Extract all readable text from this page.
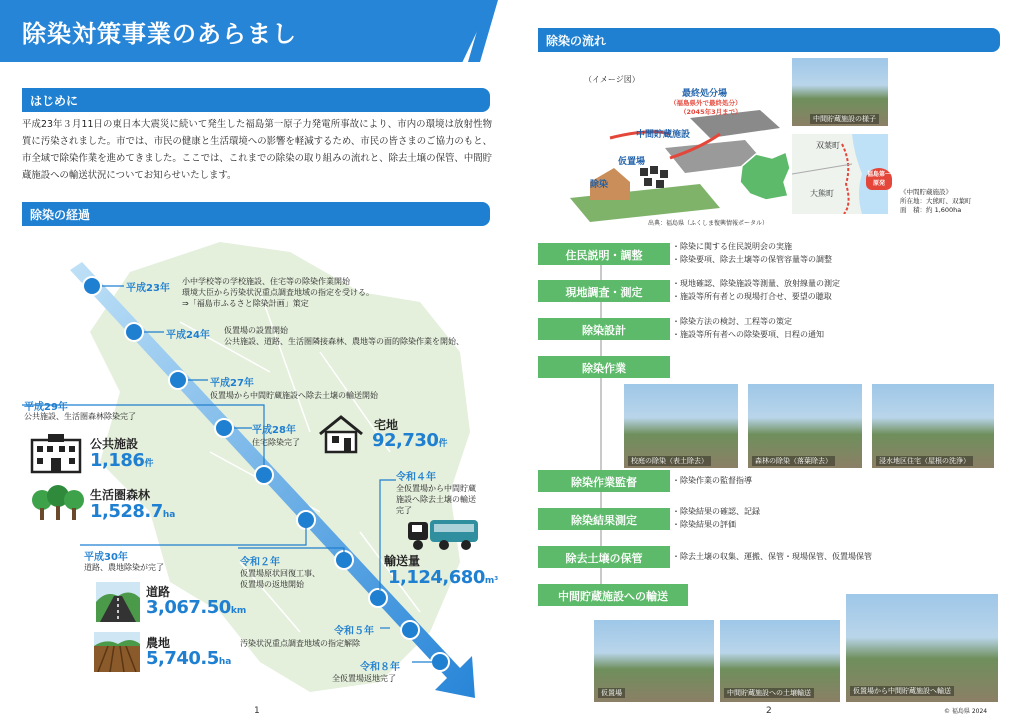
除染対策事業のあらまし
はじめに
平成23年３月11日の東日本大震災に続いて発生した福島第一原子力発電所事故により、市内の環境は放射性物質に汚染されました。市では、市民の健康と生活環境への影響を軽減するため、市民の皆さまのご協力のもと、市全域で除染作業を進めてきました。ここでは、これまでの除染の取り組みの流れと、除去土壌の保管、中間貯蔵施設への輸送状況についてお知らせいたします。
除染の経過
平成23年
小中学校等の学校施設、住宅等の除染作業開始
環境大臣から汚染状況重点調査地域の指定を受ける。
⇒「福島市ふるさと除染計画」策定
平成24年 仮置場の設置開始
公共施設、道路、生活圏隣接森林、農地等の面的除染作業を開始、
平成27年
仮置場から中間貯蔵施設へ除去土壌の輸送開始
平成28年
住宅除染完了
平成29年
公共施設、生活圏森林除染完了
平成30年
道路、農地除染が完了	令和２年
仮置場原状回復工事、
仮置場の返地開始
令和４年
全仮置場から中間貯蔵
施設へ除去土壌の輸送
完了
令和５年
汚染状況重点調査地域の指定解除
令和８年
全仮置場返地完了
宅地
92,730件
公共施設
1,186件
生活圏森林
1,528.7ha
道路
3,067.50km
農地
5,740.5ha
輸送量
1,124,680m³
1
除染の流れ
（イメージ図）
最終処分場
（福島県外で最終処分）
（2045年3月まで）
中間貯蔵施設
仮置場
除染
出典：福島県（ふくしま復興情報ポータル）
中間貯蔵施設の様子
双葉町
大熊町
福島第一原発
《中間貯蔵施設》
所在地：大熊町、双葉町
面　積：約 1,600ha
住民説明・調整
・除染に関する住民説明会の実施
・除染要項、除去土壌等の保管容量等の調整
現地調査・測定
・現地確認、除染施設等測量、放射線量の測定
・施設等所有者との現場打合せ、要望の聴取
除染設計
・除染方法の検討、工程等の策定
・施設等所有者への除染要項、日程の通知
除染作業
校庭の除染（表土除去）	森林の除染（落葉除去）	浸水地区住宅（屋根の洗浄）
除染作業監督	・除染作業の監督指導
除染結果測定
・除染結果の確認、記録
・除染結果の評価
除去土壌の保管	・除去土壌の収集、運搬、保管・現場保管、仮置場保管
中間貯蔵施設への輸送
仮置場	中間貯蔵施設への土壌輸送	仮置場から中間貯蔵施設へ輸送
© 福島県 2024
2
